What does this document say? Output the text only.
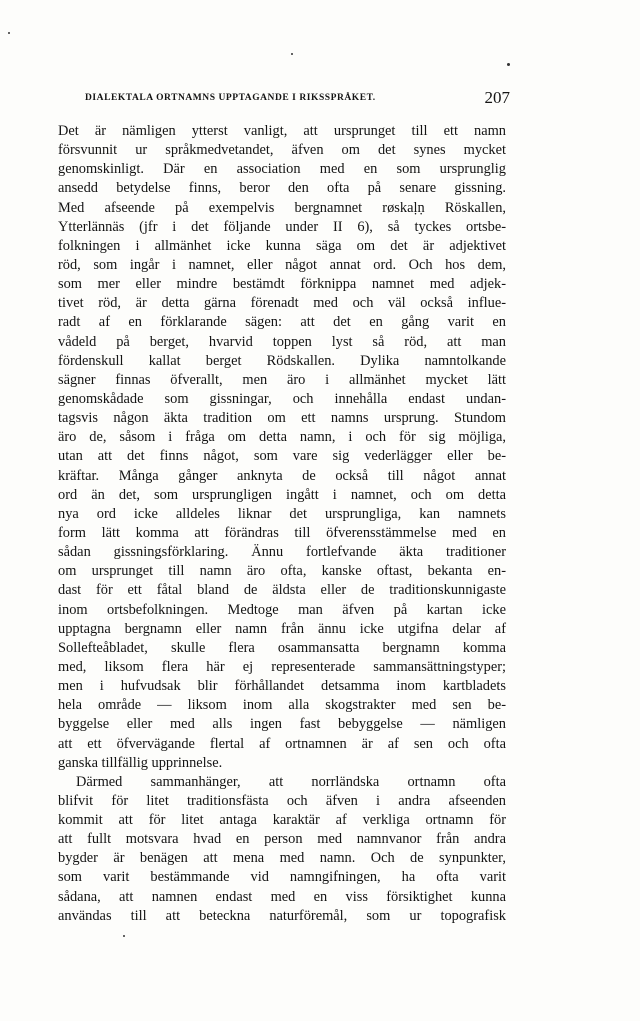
DIALEKTALA ORTNAMNS UPPTAGANDE I RIKSSPRÅKET.	207
Det är nämligen ytterst vanligt, att ursprunget till ett namn
försvunnit ur språkmedvetandet, äfven om det synes mycket
genomskinligt. Där en association med en som ursprunglig
ansedd betydelse finns, beror den ofta på senare gissning.
Med afseende på exempelvis bergnamnet røskaḷṇ Röskallen,
Ytterlännäs (jfr i det följande under II 6), så tyckes ortsbe-
folkningen i allmänhet icke kunna säga om det är adjektivet
röd, som ingår i namnet, eller något annat ord. Och hos dem,
som mer eller mindre bestämdt förknippa namnet med adjek-
tivet röd, är detta gärna förenadt med och väl också influe-
radt af en förklarande sägen: att det en gång varit en
vådeld på berget, hvarvid toppen lyst så röd, att man
fördenskull kallat berget Rödskallen. Dylika namntolkande
sägner finnas öfverallt, men äro i allmänhet mycket lätt
genomskådade som gissningar, och innehålla endast undan-
tagsvis någon äkta tradition om ett namns ursprung. Stundom
äro de, såsom i fråga om detta namn, i och för sig möjliga,
utan att det finns något, som vare sig vederlägger eller be-
kräftar. Många gånger anknyta de också till något annat
ord än det, som ursprungligen ingått i namnet, och om detta
nya ord icke alldeles liknar det ursprungliga, kan namnets
form lätt komma att förändras till öfverensstämmelse med en
sådan gissningsförklaring. Ännu fortlefvande äkta traditioner
om ursprunget till namn äro ofta, kanske oftast, bekanta en-
dast för ett fåtal bland de äldsta eller de traditionskunnigaste
inom ortsbefolkningen. Medtoge man äfven på kartan icke
upptagna bergnamn eller namn från ännu icke utgifna delar af
Sollefteåbladet, skulle flera osammansatta bergnamn komma
med, liksom flera här ej representerade sammansättningstyper;
men i hufvudsak blir förhållandet detsamma inom kartbladets
hela område — liksom inom alla skogstrakter med sen be-
byggelse eller med alls ingen fast bebyggelse — nämligen
att ett öfvervägande flertal af ortnamnen är af sen och ofta
ganska tillfällig upprinnelse.
Därmed sammanhänger, att norrländska ortnamn ofta
blifvit för litet traditionsfästa och äfven i andra afseenden
kommit att för litet antaga karaktär af verkliga ortnamn för
att fullt motsvara hvad en person med namnvanor från andra
bygder är benägen att mena med namn. Och de synpunkter,
som varit bestämmande vid namngifningen, ha ofta varit
sådana, att namnen endast med en viss försiktighet kunna
användas till att beteckna naturföremål, som ur topografisk
